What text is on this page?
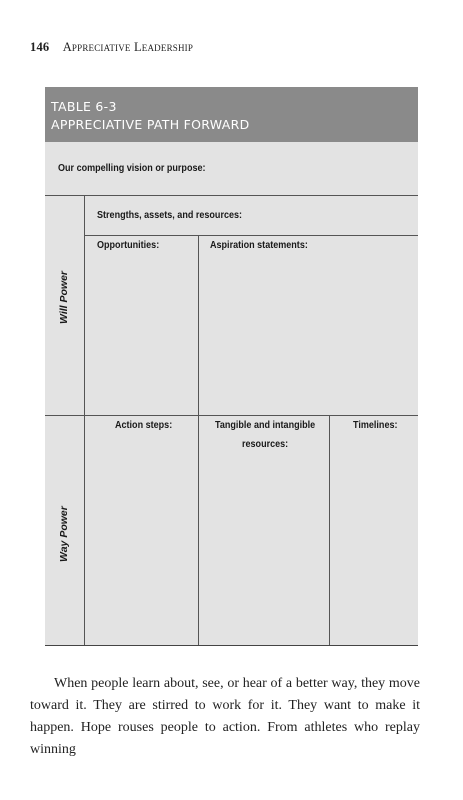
146 Appreciative Leadership
TABLE 6-3
APPRECIATIVE PATH FORWARD
Our compelling vision or purpose:
Strengths, assets, and resources:
Opportunities:	Aspiration statements:
Action steps:	Tangible and intangible
resources:
Timelines:
Will Power
Way Power

When people learn about, see, or hear of a better way, they move toward it. They are stirred to work for it. They want to make it happen. Hope rouses people to action. From athletes who replay winning
